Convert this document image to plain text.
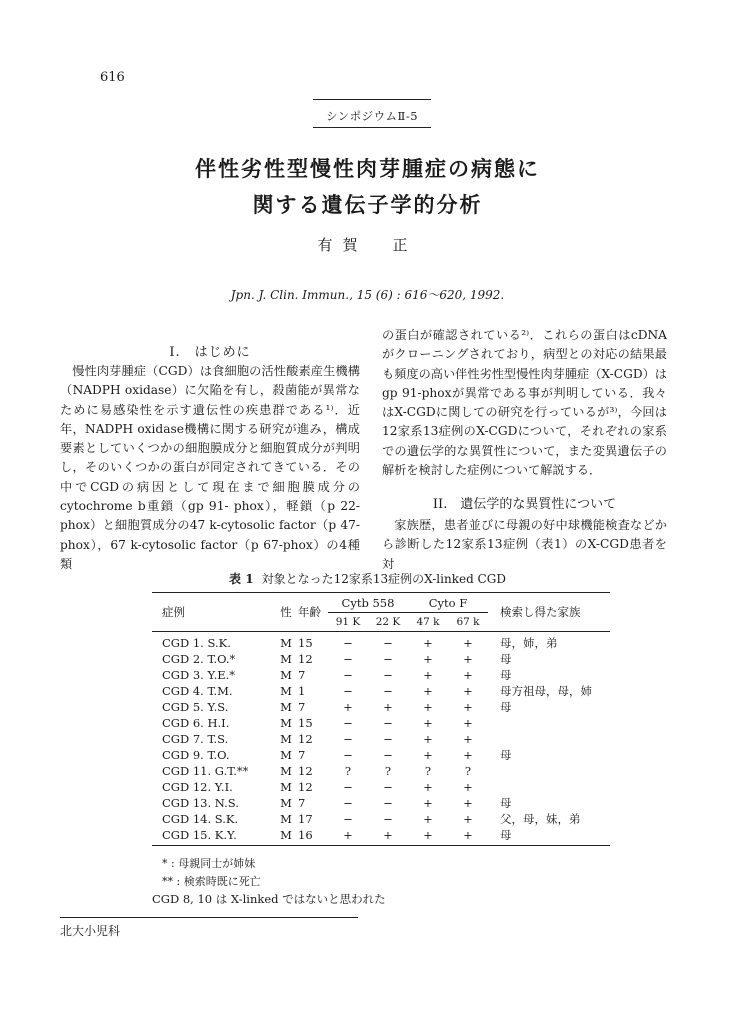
616
シンポジウムⅡ-5
伴性劣性型慢性肉芽腫症の病態に
関する遺伝子学的分析
有賀　正
Jpn. J. Clin. Immun., 15 (6) : 616〜620, 1992.
I.　はじめに

慢性肉芽腫症（CGD）は食細胞の活性酸素産生機構（NADPH oxidase）に欠陥を有し，殺菌能が異常なために易感染性を示す遺伝性の疾患群である¹⁾．近年，NADPH oxidase機構に関する研究が進み，構成要素としていくつかの細胞膜成分と細胞質成分が判明し，そのいくつかの蛋白が同定されてきている．その中でCGDの病因として現在まで細胞膜成分のcytochrome b重鎖（gp 91- phox），軽鎖（p 22-phox）と細胞質成分の47 k-cytosolic factor（p 47-phox），67 k-cytosolic factor（p 67-phox）の4種類

の蛋白が確認されている²⁾．これらの蛋白はcDNAがクローニングされており，病型との対応の結果最も頻度の高い伴性劣性型慢性肉芽腫症（X-CGD）はgp 91-phoxが異常である事が判明している．我々はX-CGDに関しての研究を行っているが³⁾，今回は12家系13症例のX-CGDについて，それぞれの家系での遺伝学的な異質性について，また変異遺伝子の解析を検討した症例について解説する．

II.　遺伝学的な異質性について

家族歴，患者並びに母親の好中球機能検査などから診断した12家系13症例（表1）のX-CGD患者を対

表 1 対象となった12家系13症例のX-linked CGD
症例	性	年齢	Cytb 558		Cyto F		検索し得た家族
			91 K	22 K	47 k	67 k	
CGD 1. S.K.	M	15	−	−	+	+	母，姉，弟
CGD 2. T.O.*	M	12	−	−	+	+	母
CGD 3. Y.E.*	M	7	−	−	+	+	母
CGD 4. T.M.	M	1	−	−	+	+	母方祖母，母，姉
CGD 5. Y.S.	M	7	+	+	+	+	母
CGD 6. H.I.	M	15	−	−	+	+	
CGD 7. T.S.	M	12	−	−	+	+	
CGD 9. T.O.	M	7	−	−	+	+	母
CGD 11. G.T.**	M	12	?	?	?	?	
CGD 12. Y.I.	M	12	−	−	+	+	
CGD 13. N.S.	M	7	−	−	+	+	母
CGD 14. S.K.	M	17	−	−	+	+	父，母，妹，弟
CGD 15. K.Y.	M	16	+	+	+	+	母
* : 母親同士が姉妹
** : 検索時既に死亡
CGD 8, 10 は X-linked ではないと思われた
北大小児科
